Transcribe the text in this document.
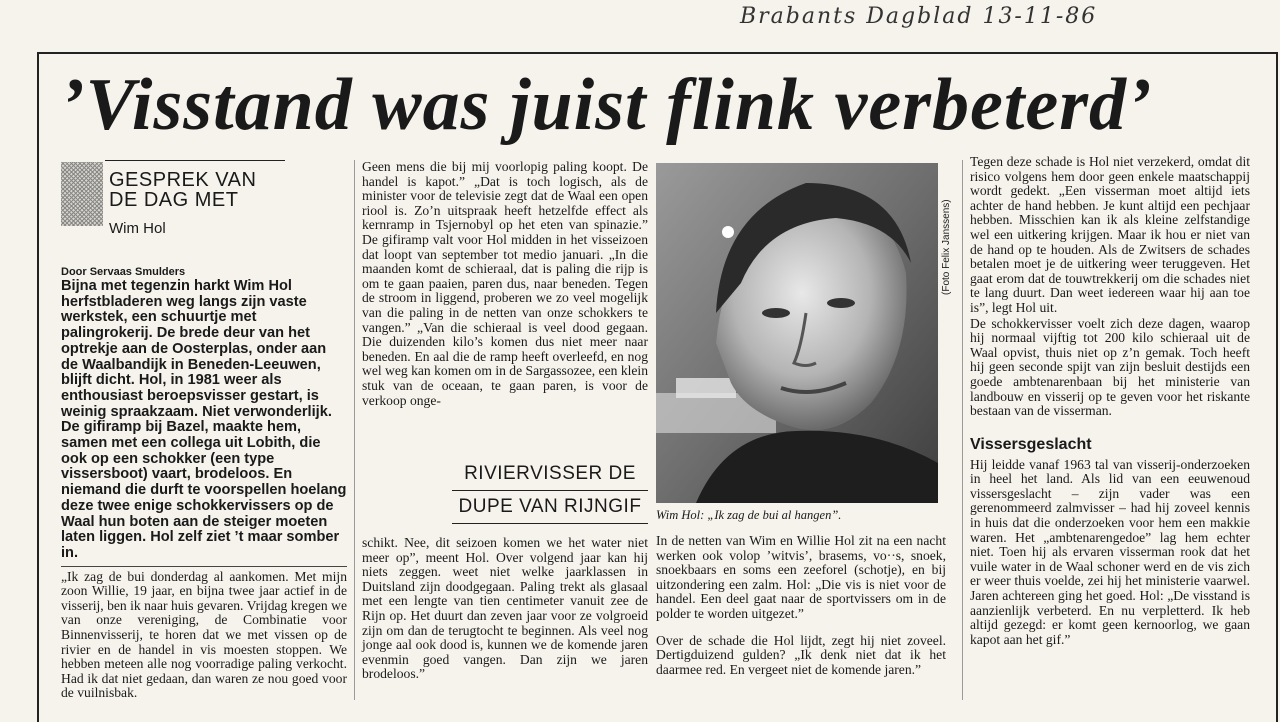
Brabants Dagblad 13-11-86
’Visstand was juist flink verbeterd’
GESPREK VAN
DE DAG MET
Wim Hol

Door Servaas Smulders

Bijna met tegenzin harkt Wim Hol herfstbladeren weg langs zijn vaste werkstek, een schuurtje met palingrokerij. De brede deur van het optrekje aan de Oosterplas, onder aan de Waalbandijk in Beneden-Leeuwen, blijft dicht. Hol, in 1981 weer als enthousiast beroepsvisser gestart, is weinig spraakzaam. Niet verwonderlijk. De gifiramp bij Bazel, maakte hem, samen met een collega uit Lobith, die ook op een schokker (een type vissersboot) vaart, brodeloos. En niemand die durft te voorspellen hoelang deze twee enige schokkervissers op de Waal hun boten aan de steiger moeten laten liggen. Hol zelf ziet ’t maar somber in.

„Ik zag de bui donderdag al aankomen. Met mijn zoon Willie, 19 jaar, en bijna twee jaar actief in de visserij, ben ik naar huis gevaren. Vrijdag kregen we van onze vereniging, de Combinatie voor Binnenvisserij, te horen dat we met vissen op de rivier en de handel in vis moesten stoppen. We hebben meteen alle nog voorradige paling verkocht. Had ik dat niet gedaan, dan waren ze nou goed voor de vuilnisbak.

Geen mens die bij mij voorlopig paling koopt. De handel is kapot.” „Dat is toch logisch, als de minister voor de televisie zegt dat de Waal een open riool is. Zo’n uitspraak heeft hetzelfde effect als kernramp in Tsjernobyl op het eten van spinazie.” De gifiramp valt voor Hol midden in het visseizoen dat loopt van september tot medio januari. „In die maanden komt de schieraal, dat is paling die rijp is om te gaan paaien, paren dus, naar beneden. Tegen de stroom in liggend, proberen we zo veel mogelijk van die paling in de netten van onze schokkers te vangen.” „Van die schieraal is veel dood gegaan. Die duizenden kilo’s komen dus niet meer naar beneden. En aal die de ramp heeft overleefd, en nog wel weg kan komen om in de Sargassozee, een klein stuk van de oceaan, te gaan paren, is voor de verkoop onge-

RIVIERVISSER DE
DUPE VAN RIJNGIF

schikt. Nee, dit seizoen komen we het water niet meer op”, meent Hol. Over volgend jaar kan hij niets zeggen. weet niet welke jaarklassen in Duitsland zijn doodgegaan. Paling trekt als glasaal met een lengte van tien centimeter vanuit zee de Rijn op. Het duurt dan zeven jaar voor ze volgroeid zijn om dan de terugtocht te beginnen. Als veel nog jonge aal ook dood is, kunnen we de komende jaren evenmin goed vangen. Dan zijn we jaren brodeloos.”

(Foto Felix Janssens)
Wim Hol: „Ik zag de bui al hangen”.

In de netten van Wim en Willie Hol zit na een nacht werken ook volop ’witvis’, brasems, vo··s, snoek, snoekbaars en soms een zeeforel (schotje), en bij uitzondering een zalm. Hol: „Die vis is niet voor de handel. Een deel gaat naar de sportvissers om in de polder te worden uitgezet.”

Over de schade die Hol lijdt, zegt hij niet zoveel. Dertigduizend gulden? „Ik denk niet dat ik het daarmee red. En vergeet niet de komende jaren.”

Tegen deze schade is Hol niet verzekerd, omdat dit risico volgens hem door geen enkele maatschappij wordt gedekt. „Een visserman moet altijd iets achter de hand hebben. Je kunt altijd een pechjaar hebben. Misschien kan ik als kleine zelfstandige wel een uitkering krijgen. Maar ik hou er niet van de hand op te houden. Als de Zwitsers de schades betalen moet je de uitkering weer teruggeven. Het gaat erom dat de touwtrekkerij om die schades niet te lang duurt. Dan weet iedereen waar hij aan toe is”, legt Hol uit.

De schokkervisser voelt zich deze dagen, waarop hij normaal vijftig tot 200 kilo schieraal uit de Waal opvist, thuis niet op z’n gemak. Toch heeft hij geen seconde spijt van zijn besluit destijds een goede ambtenarenbaan bij het ministerie van landbouw en visserij op te geven voor het riskante bestaan van de visserman.

Vissersgeslacht

Hij leidde vanaf 1963 tal van visserij-onderzoeken in heel het land. Als lid van een eeuwenoud vissersgeslacht – zijn vader was een gerenommeerd zalmvisser – had hij zoveel kennis in huis dat die onderzoeken voor hem een makkie waren. Het „ambtenarengedoe” lag hem echter niet. Toen hij als ervaren visserman rook dat het vuile water in de Waal schoner werd en de vis zich er weer thuis voelde, zei hij het ministerie vaarwel. Jaren achtereen ging het goed. Hol: „De visstand is aanzienlijk verbeterd. En nu verpletterd. Ik heb altijd gezegd: er komt geen kernoorlog, we gaan kapot aan het gif.”
